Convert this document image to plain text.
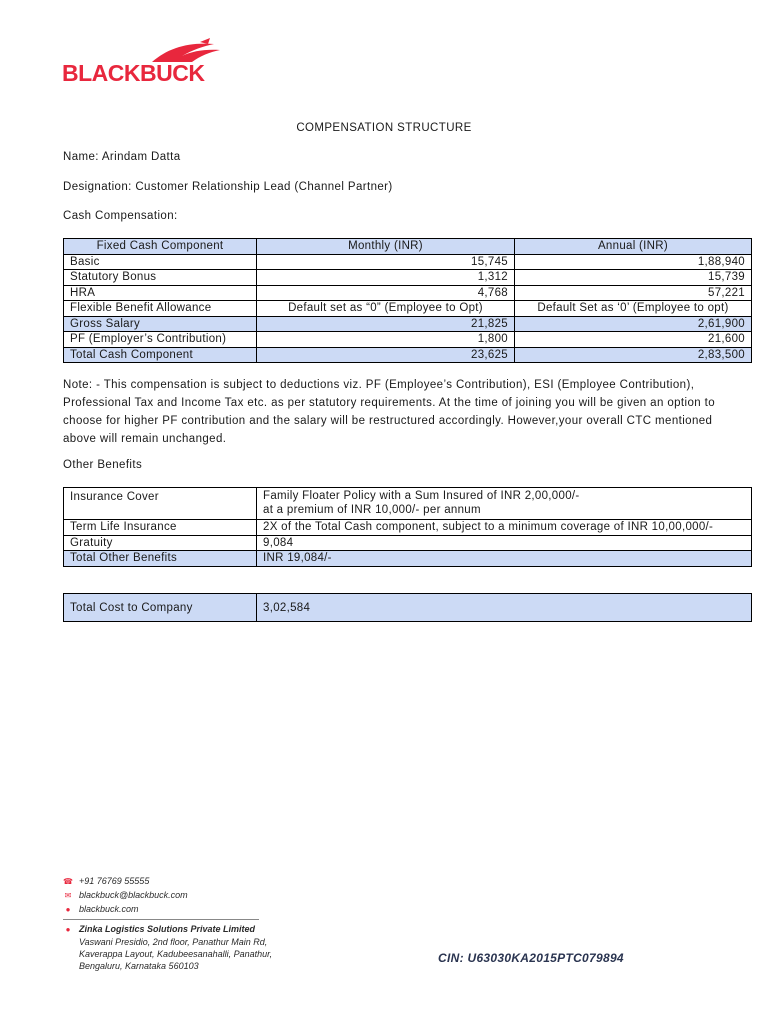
BLACKBUCK
COMPENSATION STRUCTURE
Name: Arindam Datta
Designation: Customer Relationship Lead (Channel Partner)
Cash Compensation:
Fixed Cash Component	Monthly (INR)	Annual (INR)
Basic	15,745	1,88,940
Statutory Bonus	1,312	15,739
HRA	4,768	57,221
Flexible Benefit Allowance	Default set as “0” (Employee to Opt)	Default Set as ‘0’ (Employee to opt)
Gross Salary	21,825	2,61,900
PF (Employer’s Contribution)	1,800	21,600
Total Cash Component	23,625	2,83,500
Note: - This compensation is subject to deductions viz. PF (Employee’s Contribution), ESI (Employee Contribution), Professional Tax and Income Tax etc. as per statutory requirements. At the time of joining you will be given an option to choose for higher PF contribution and the salary will be restructured accordingly. However,your overall CTC mentioned above will remain unchanged.
Other Benefits
Insurance Cover	Family Floater Policy with a Sum Insured of INR 2,00,000/-
at a premium of INR 10,000/- per annum

Term Life Insurance	2X of the Total Cash component, subject to a minimum coverage of INR 10,00,000/-
Gratuity	9,084
Total Other Benefits	INR 19,084/-
Total Cost to Company	3,02,584
☎ +91 76769 55555
✉ blackbuck@blackbuck.com
● blackbuck.com
● Zinka Logistics Solutions Private Limited
Vaswani Presidio, 2nd floor, Panathur Main Rd,
Kaverappa Layout, Kadubeesanahalli, Panathur,
Bengaluru, Karnataka 560103
CIN: U63030KA2015PTC079894
